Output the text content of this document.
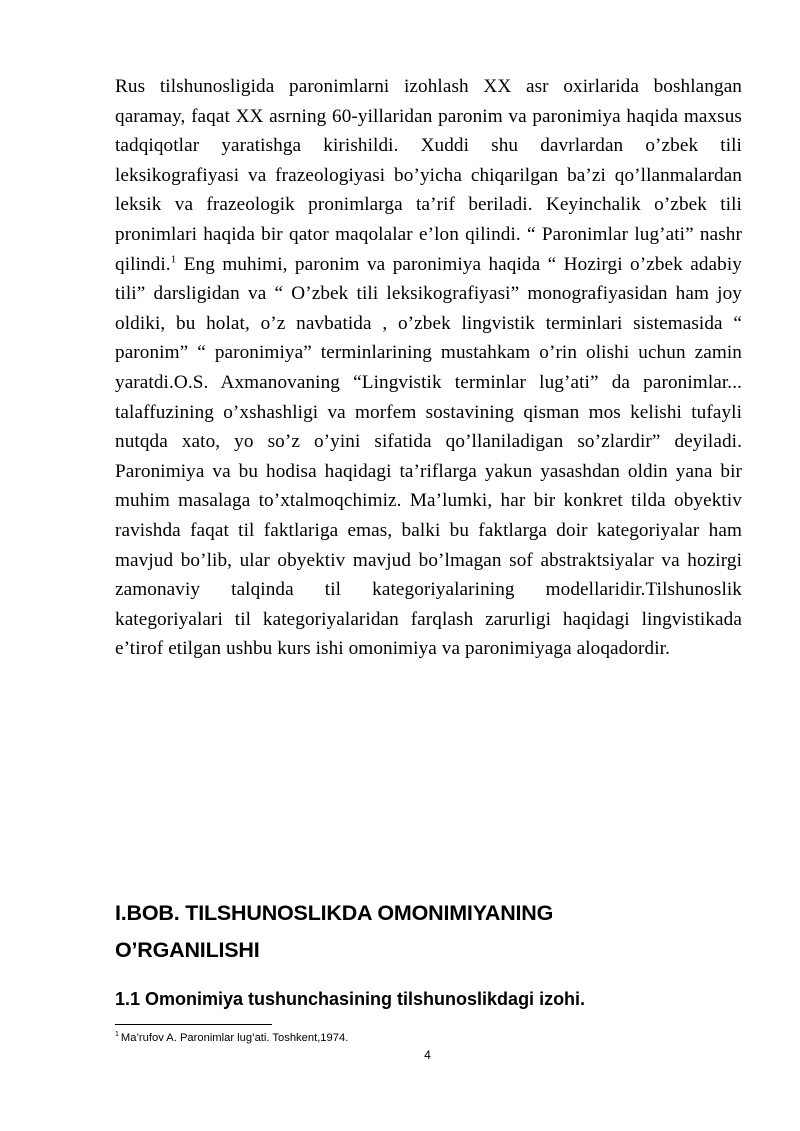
Rus tilshunosligida paronimlarni izohlash XX asr oxirlarida boshlangan qaramay, faqat XX asrning 60-yillaridan paronim va paronimiya haqida maxsus tadqiqotlar yaratishga kirishildi. Xuddi shu davrlardan o’zbek tili leksikografiyasi va frazeologiyasi bo’yicha chiqarilgan ba’zi qo’llanmalardan leksik va frazeologik pronimlarga ta’rif beriladi. Keyinchalik o’zbek tili pronimlari haqida bir qator maqolalar e’lon qilindi. “ Paronimlar lug’ati” nashr qilindi.$^1$ Eng muhimi, paronim va paronimiya haqida “ Hozirgi o’zbek adabiy tili” darsligidan va “ O’zbek tili leksikografiyasi” monografiyasidan ham joy oldiki, bu holat, o’z navbatida , o’zbek lingvistik terminlari sistemasida “ paronim” “ paronimiya” terminlarining mustahkam o’rin olishi uchun zamin yaratdi.O.S. Axmanovaning “Lingvistik terminlar lug’ati” da paronimlar... talaffuzining o’xshashligi va morfem sostavining qisman mos kelishi tufayli nutqda xato, yo so’z o’yini sifatida qo’llaniladigan so’zlardir” deyiladi. Paronimiya va bu hodisa haqidagi ta’riflarga yakun yasashdan oldin yana bir muhim masalaga to’xtalmoqchimiz. Ma’lumki, har bir konkret tilda obyektiv ravishda faqat til faktlariga emas, balki bu faktlarga doir kategoriyalar ham mavjud bo’lib, ular obyektiv mavjud bo’lmagan sof abstraktsiyalar va hozirgi zamonaviy talqinda til kategoriyalarining modellaridir.Tilshunoslik kategoriyalari til kategoriyalaridan farqlash zarurligi haqidagi lingvistikada e’tirof etilgan ushbu kurs ishi omonimiya va paronimiyaga aloqadordir.

I.BOB. TILSHUNOSLIKDA OMONIMIYANING
O’RGANILISHI
1.1 Omonimiya tushunchasining tilshunoslikdagi izohi.

$^1$ Ma’rufov A. Paronimlar lug’ati. Toshkent,1974.

4
